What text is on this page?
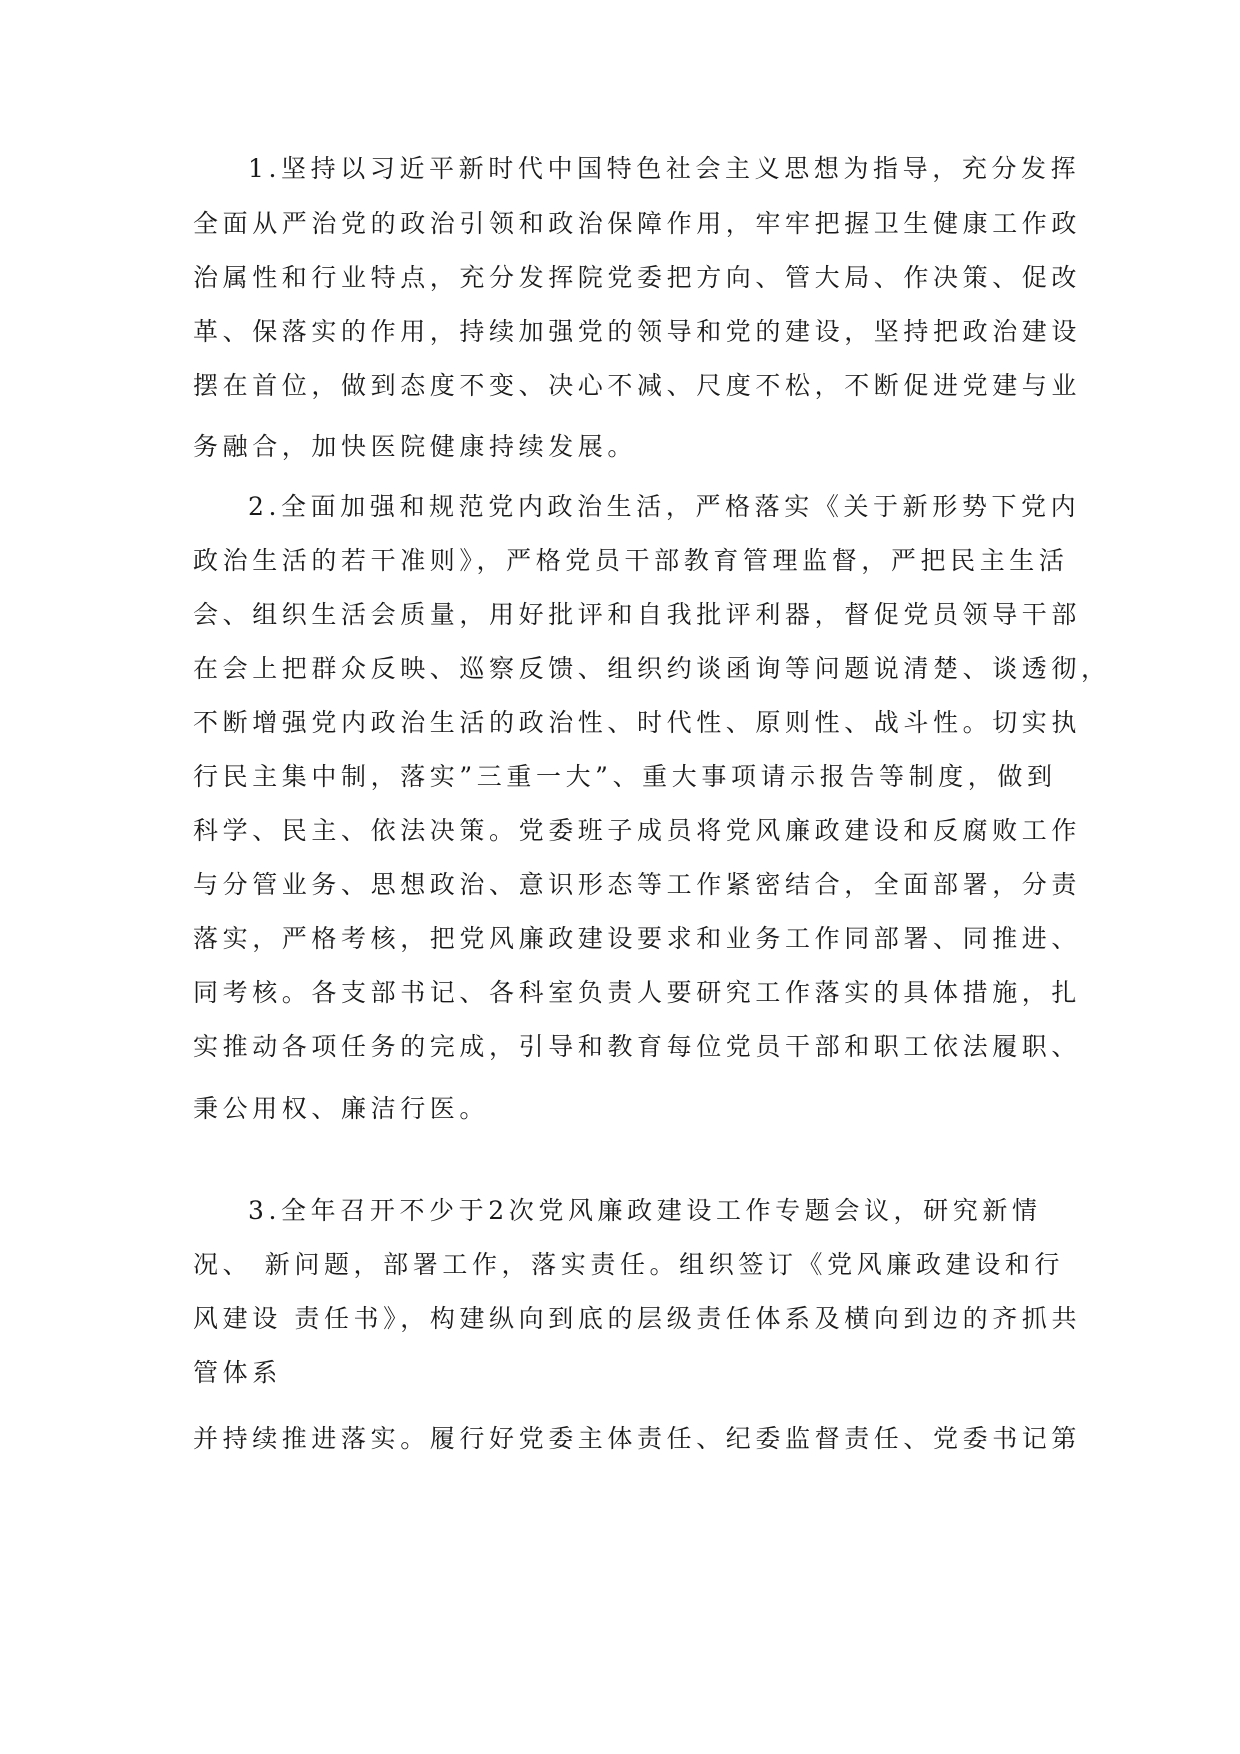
1.坚持以习近平新时代中国特色社会主义思想为指导，充分发挥
全面从严治党的政治引领和政治保障作用，牢牢把握卫生健康工作政
治属性和行业特点，充分发挥院党委把方向、管大局、作决策、促改
革、保落实的作用，持续加强党的领导和党的建设，坚持把政治建设
摆在首位，做到态度不变、决心不减、尺度不松，不断促进党建与业
务融合，加快医院健康持续发展。
2.全面加强和规范党内政治生活，严格落实《关于新形势下党内
政治生活的若干准则》，严格党员干部教育管理监督，严把民主生活
会、组织生活会质量，用好批评和自我批评利器，督促党员领导干部
在会上把群众反映、巡察反馈、组织约谈函询等问题说清楚、谈透彻，
不断增强党内政治生活的政治性、时代性、原则性、战斗性。切实执
行民主集中制，落实”三重一大”、重大事项请示报告等制度，做到
科学、民主、依法决策。党委班子成员将党风廉政建设和反腐败工作
与分管业务、思想政治、意识形态等工作紧密结合，全面部署，分责
落实，严格考核，把党风廉政建设要求和业务工作同部署、同推进、
同考核。各支部书记、各科室负责人要研究工作落实的具体措施，扎
实推动各项任务的完成，引导和教育每位党员干部和职工依法履职、
秉公用权、廉洁行医。
3.全年召开不少于2次党风廉政建设工作专题会议，研究新情
况、 新问题，部署工作，落实责任。组织签订《党风廉政建设和行
风建设 责任书》，构建纵向到底的层级责任体系及横向到边的齐抓共
管体系
并持续推进落实。履行好党委主体责任、纪委监督责任、党委书记第
